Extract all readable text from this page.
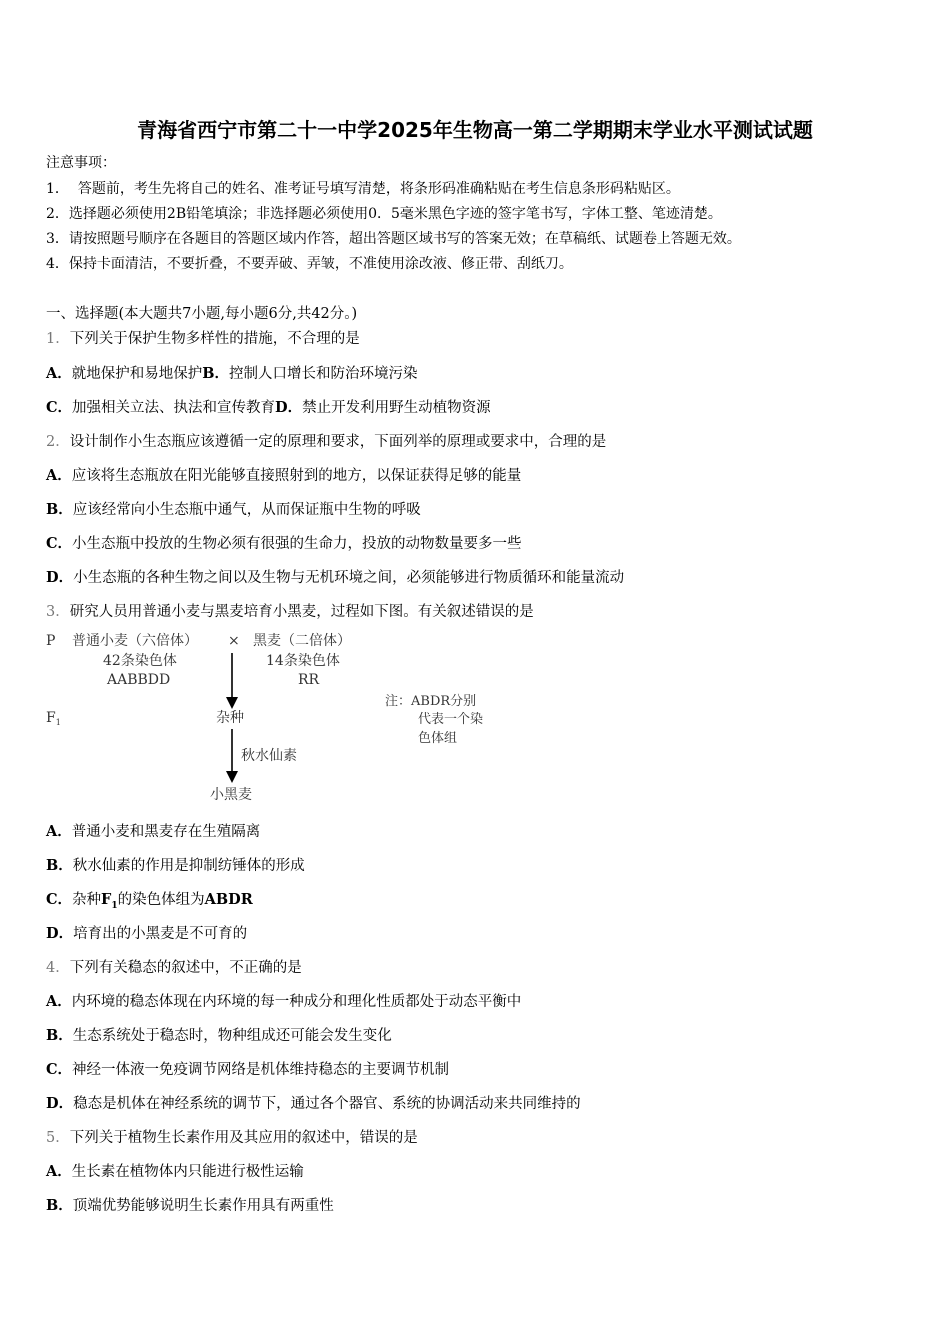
青海省西宁市第二十一中学2025年生物高一第二学期期末学业水平测试试题
注意事项：
1． 答题前，考生先将自己的姓名、准考证号填写清楚，将条形码准确粘贴在考生信息条形码粘贴区。
2．选择题必须使用2B铅笔填涂；非选择题必须使用0．5毫米黑色字迹的签字笔书写，字体工整、笔迹清楚。
3．请按照题号顺序在各题目的答题区域内作答，超出答题区域书写的答案无效；在草稿纸、试题卷上答题无效。
4．保持卡面清洁，不要折叠，不要弄破、弄皱，不准使用涂改液、修正带、刮纸刀。
一、选择题(本大题共7小题,每小题6分,共42分。)
1．下列关于保护生物多样性的措施，不合理的是
A．就地保护和易地保护B．控制人口增长和防治环境污染
C．加强相关立法、执法和宣传教育D．禁止开发利用野生动植物资源
2．设计制作小生态瓶应该遵循一定的原理和要求，下面列举的原理或要求中，合理的是
A．应该将生态瓶放在阳光能够直接照射到的地方，以保证获得足够的能量
B．应该经常向小生态瓶中通气，从而保证瓶中生物的呼吸
C．小生态瓶中投放的生物必须有很强的生命力，投放的动物数量要多一些
D．小生态瓶的各种生物之间以及生物与无机环境之间，必须能够进行物质循环和能量流动
3．研究人员用普通小麦与黑麦培育小黑麦，过程如下图。有关叙述错误的是
P 普通小麦（六倍体） × 黑麦（二倍体）
42条染色体	14条染色体
AABBDD	RR
$F_1$	杂种
秋水仙素
小黑麦
注：ABDR分别
代表一个染
色体组
A．普通小麦和黑麦存在生殖隔离
B．秋水仙素的作用是抑制纺锤体的形成
C．杂种$F_1$的染色体组为ABDR
D．培育出的小黑麦是不可育的
4．下列有关稳态的叙述中，不正确的是
A．内环境的稳态体现在内环境的每一种成分和理化性质都处于动态平衡中
B．生态系统处于稳态时，物种组成还可能会发生变化
C．神经一体液一免疫调节网络是机体维持稳态的主要调节机制
D．稳态是机体在神经系统的调节下，通过各个器官、系统的协调活动来共同维持的
5．下列关于植物生长素作用及其应用的叙述中，错误的是
A．生长素在植物体内只能进行极性运输
B．顶端优势能够说明生长素作用具有两重性
